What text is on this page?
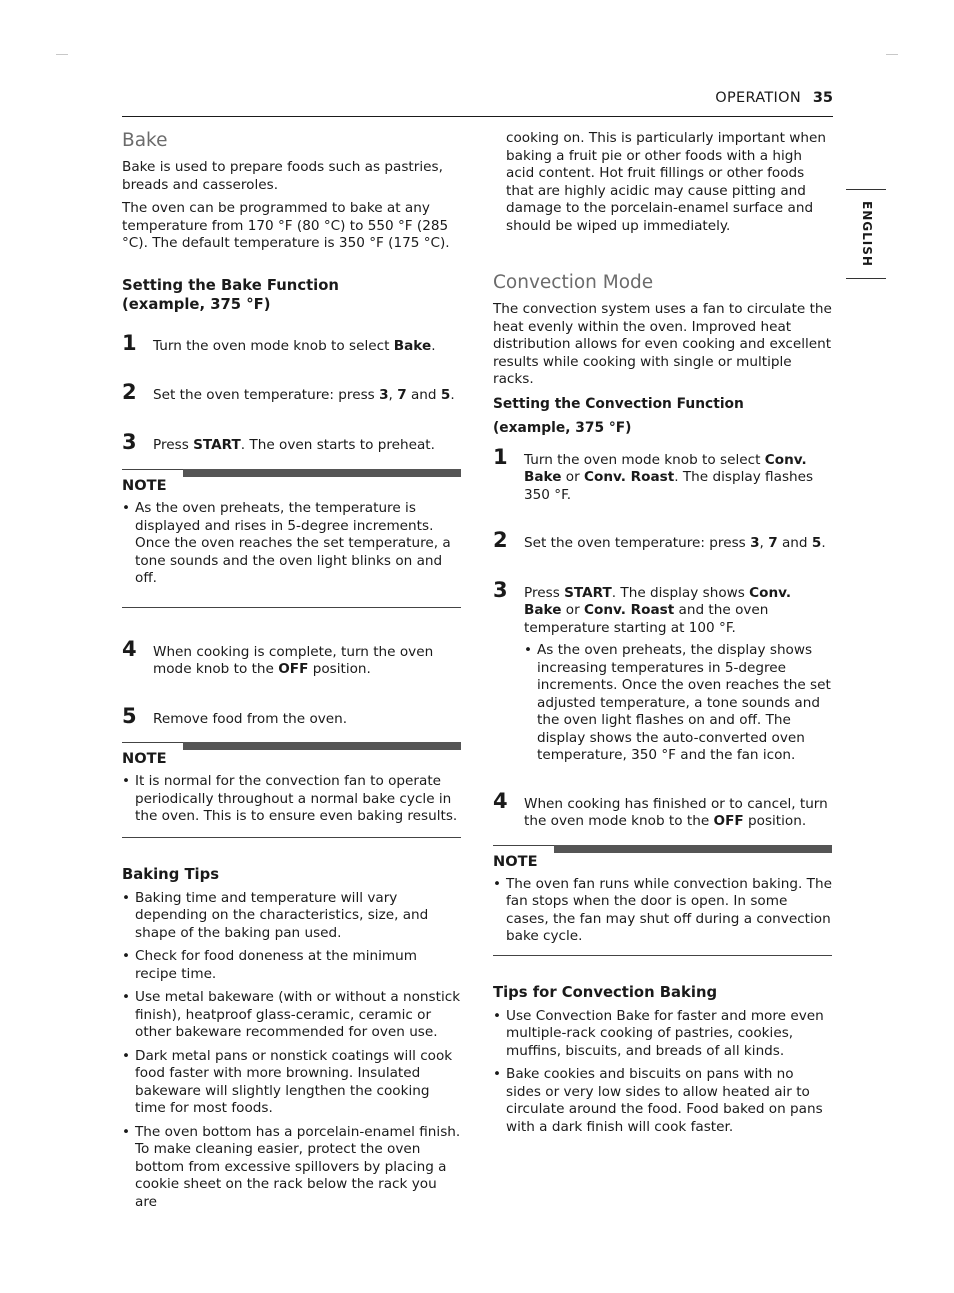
OPERATION 35
ENGLISH
Bake

Bake is used to prepare foods such as pastries, breads and casseroles.

The oven can be programmed to bake at any temperature from 170 °F (80 °C) to 550 °F (285 °C). The default temperature is 350 °F (175 °C).

Setting the Bake Function
(example, 375 °F)
1 Turn the oven mode knob to select Bake.
2 Set the oven temperature: press 3, 7 and 5.
3 Press START. The oven starts to preheat.
NOTE
• As the oven preheats, the temperature is displayed and rises in 5-degree increments. Once the oven reaches the set temperature, a tone sounds and the oven light blinks on and off.
4 When cooking is complete, turn the oven mode knob to the OFF position.
5 Remove food from the oven.
NOTE
• It is normal for the convection fan to operate periodically throughout a normal bake cycle in the oven. This is to ensure even baking results.
Baking Tips
• Baking time and temperature will vary depending on the characteristics, size, and shape of the baking pan used.
• Check for food doneness at the minimum recipe time.
• Use metal bakeware (with or without a nonstick finish), heatproof glass-ceramic, ceramic or other bakeware recommended for oven use.
• Dark metal pans or nonstick coatings will cook food faster with more browning. Insulated bakeware will slightly lengthen the cooking time for most foods.
• The oven bottom has a porcelain-enamel finish. To make cleaning easier, protect the oven bottom from excessive spillovers by placing a cookie sheet on the rack below the rack you are

cooking on. This is particularly important when baking a fruit pie or other foods with a high acid content. Hot fruit fillings or other foods that are highly acidic may cause pitting and damage to the porcelain-enamel surface and should be wiped up immediately.

Convection Mode

The convection system uses a fan to circulate the heat evenly within the oven. Improved heat distribution allows for even cooking and excellent results while cooking with single or multiple racks.

Setting the Convection Function
(example, 375 °F)
1 Turn the oven mode knob to select Conv. Bake or Conv. Roast. The display flashes 350 °F.
2 Set the oven temperature: press 3, 7 and 5.
3 Press START. The display shows Conv. Bake or Conv. Roast and the oven temperature starting at 100 °F.
• As the oven preheats, the display shows increasing temperatures in 5-degree increments. Once the oven reaches the set adjusted temperature, a tone sounds and the oven light flashes on and off. The display shows the auto-converted oven temperature, 350 °F and the fan icon.
4 When cooking has finished or to cancel, turn the oven mode knob to the OFF position.
NOTE
• The oven fan runs while convection baking. The fan stops when the door is open. In some cases, the fan may shut off during a convection bake cycle.
Tips for Convection Baking
• Use Convection Bake for faster and more even multiple-rack cooking of pastries, cookies, muffins, biscuits, and breads of all kinds.
• Bake cookies and biscuits on pans with no sides or very low sides to allow heated air to circulate around the food. Food baked on pans with a dark finish will cook faster.
